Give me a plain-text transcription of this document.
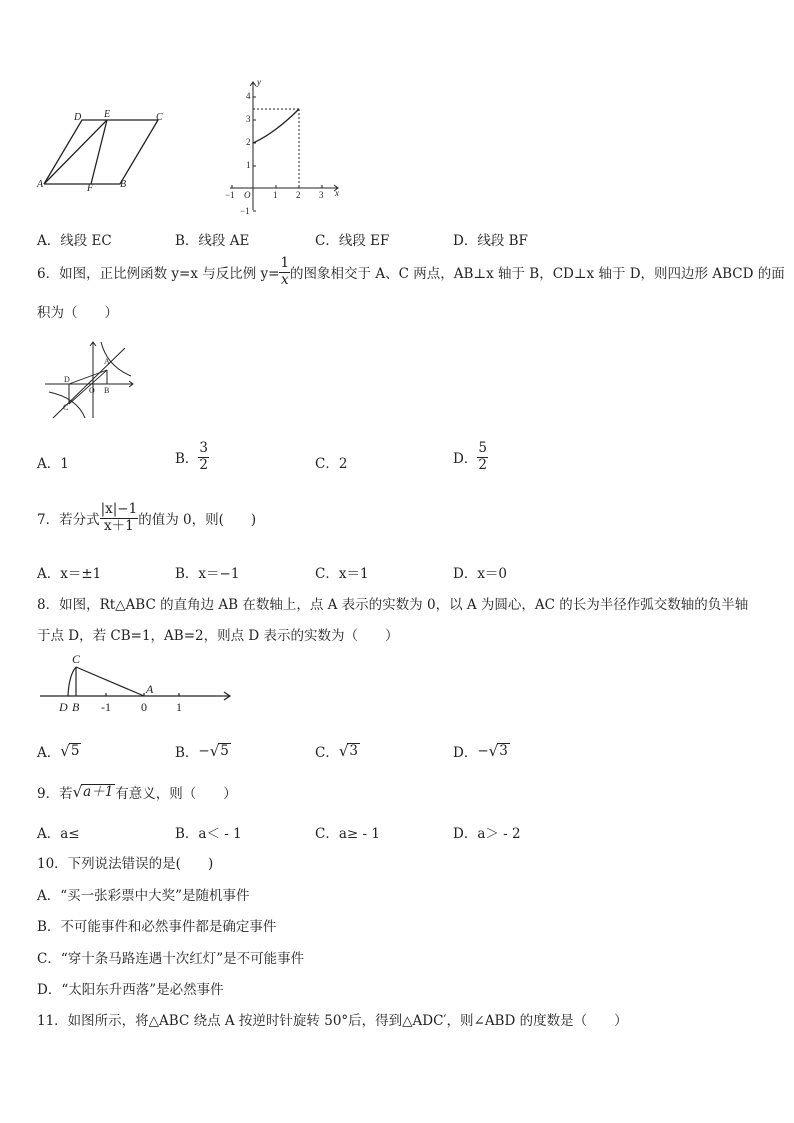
D E	C
A	F	B
y
x
O
4
3
2
1
−1	1 2 3
−1
A．线段 EC	B．线段 AE	C．线段 EF	D．线段 BF
6．如图，正比例函数 y=x 与反比例 $y= \frac{1}{x}$ 的图象相交于 A、C 两点，AB⊥x 轴于 B，CD⊥x 轴于 D，则四边形 ABCD 的面
积为（　　）
A
D
O B
C
A．1	B． $\frac{3}{2}$	C．2	D． $\frac{5}{2}$
7．若分式 $\frac{|x|-1}{x+1}$ 的值为 0，则(　　)
A．x＝±1	B．x＝−1	C．x＝1	D．x＝0
8．如图，Rt△ABC 的直角边 AB 在数轴上，点 A 表示的实数为 0，以 A 为圆心，AC 的长为半径作弧交数轴的负半轴
于点 D，若 CB=1，AB=2，则点 D 表示的实数为（　　）
C
A
D B -1	0 1
A． √ 5	B． − √ 5	C． √ 3	D． − √ 3
9．若 √ a＋1 有意义，则（　　）
A．a≤	B．a＜ - 1	C．a≥ - 1	D．a＞ - 2
10．下列说法错误的是(　　)
A．“买一张彩票中大奖”是随机事件
B．不可能事件和必然事件都是确定事件
C．“穿十条马路连遇十次红灯”是不可能事件
D．“太阳东升西落”是必然事件
11．如图所示，将△ABC 绕点 A 按逆时针旋转 50°后，得到△ADC′，则∠ABD 的度数是（　　）
